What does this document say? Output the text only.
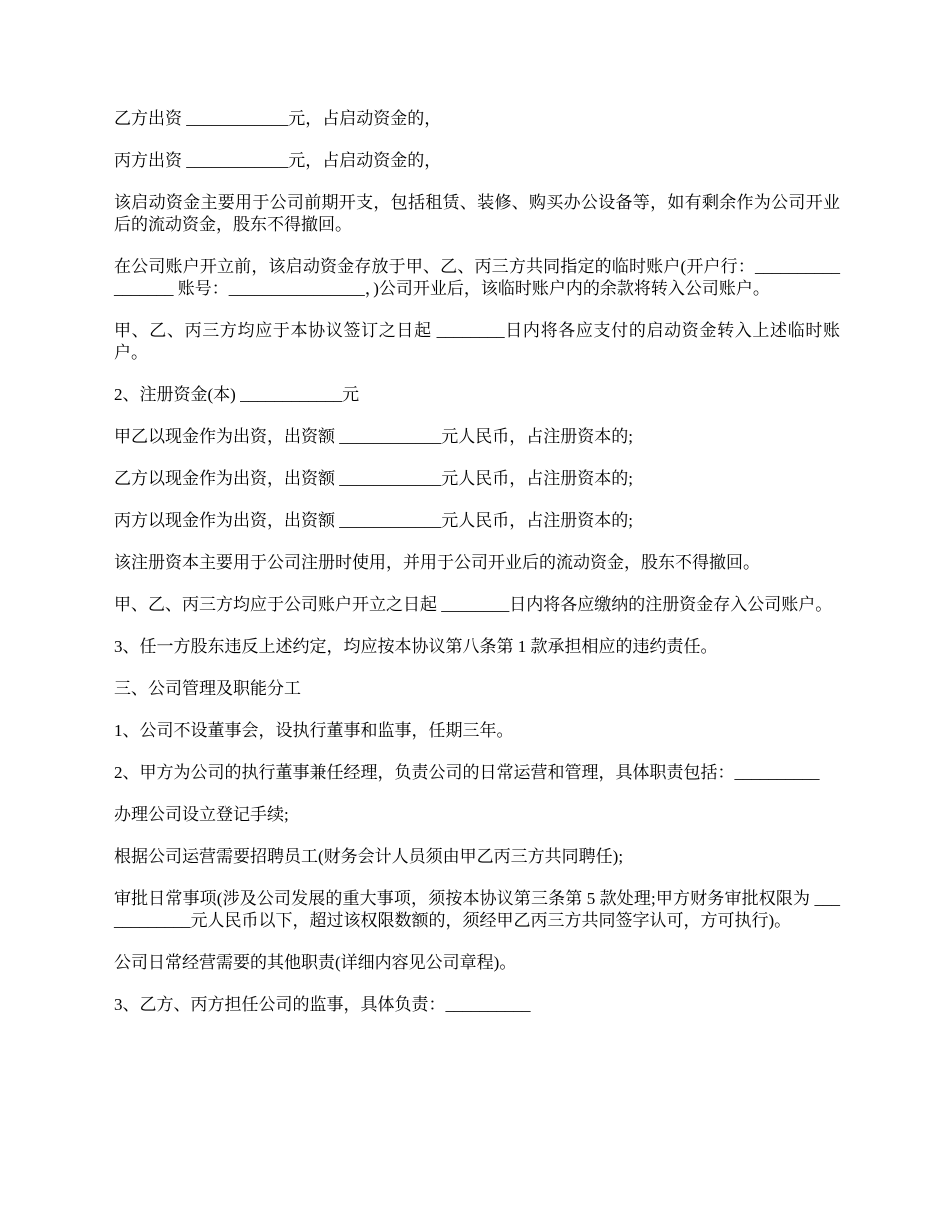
乙方出资 ____________元，占启动资金的，

丙方出资 ____________元，占启动资金的，

该启动资金主要用于公司前期开支，包括租赁、装修、购买办公设备等，如有剩余作为公司开业后的流动资金，股东不得撤回。

在公司账户开立前，该启动资金存放于甲、乙、丙三方共同指定的临时账户(开户行：_________________ 账号：________________，)公司开业后，该临时账户内的余款将转入公司账户。

甲、乙、丙三方均应于本协议签订之日起 ________日内将各应支付的启动资金转入上述临时账户。

2、注册资金(本) ____________元

甲乙以现金作为出资，出资额 ____________元人民币，占注册资本的;

乙方以现金作为出资，出资额 ____________元人民币，占注册资本的;

丙方以现金作为出资，出资额 ____________元人民币，占注册资本的;

该注册资本主要用于公司注册时使用，并用于公司开业后的流动资金，股东不得撤回。

甲、乙、丙三方均应于公司账户开立之日起 ________日内将各应缴纳的注册资金存入公司账户。

3、任一方股东违反上述约定，均应按本协议第八条第 1 款承担相应的违约责任。

三、公司管理及职能分工

1、公司不设董事会，设执行董事和监事，任期三年。

2、甲方为公司的执行董事兼任经理，负责公司的日常运营和管理，具体职责包括：__________

办理公司设立登记手续;

根据公司运营需要招聘员工(财务会计人员须由甲乙丙三方共同聘任);

审批日常事项(涉及公司发展的重大事项，须按本协议第三条第 5 款处理;甲方财务审批权限为 ____________元人民币以下，超过该权限数额的，须经甲乙丙三方共同签字认可，方可执行)。

公司日常经营需要的其他职责(详细内容见公司章程)。

3、乙方、丙方担任公司的监事，具体负责：__________
